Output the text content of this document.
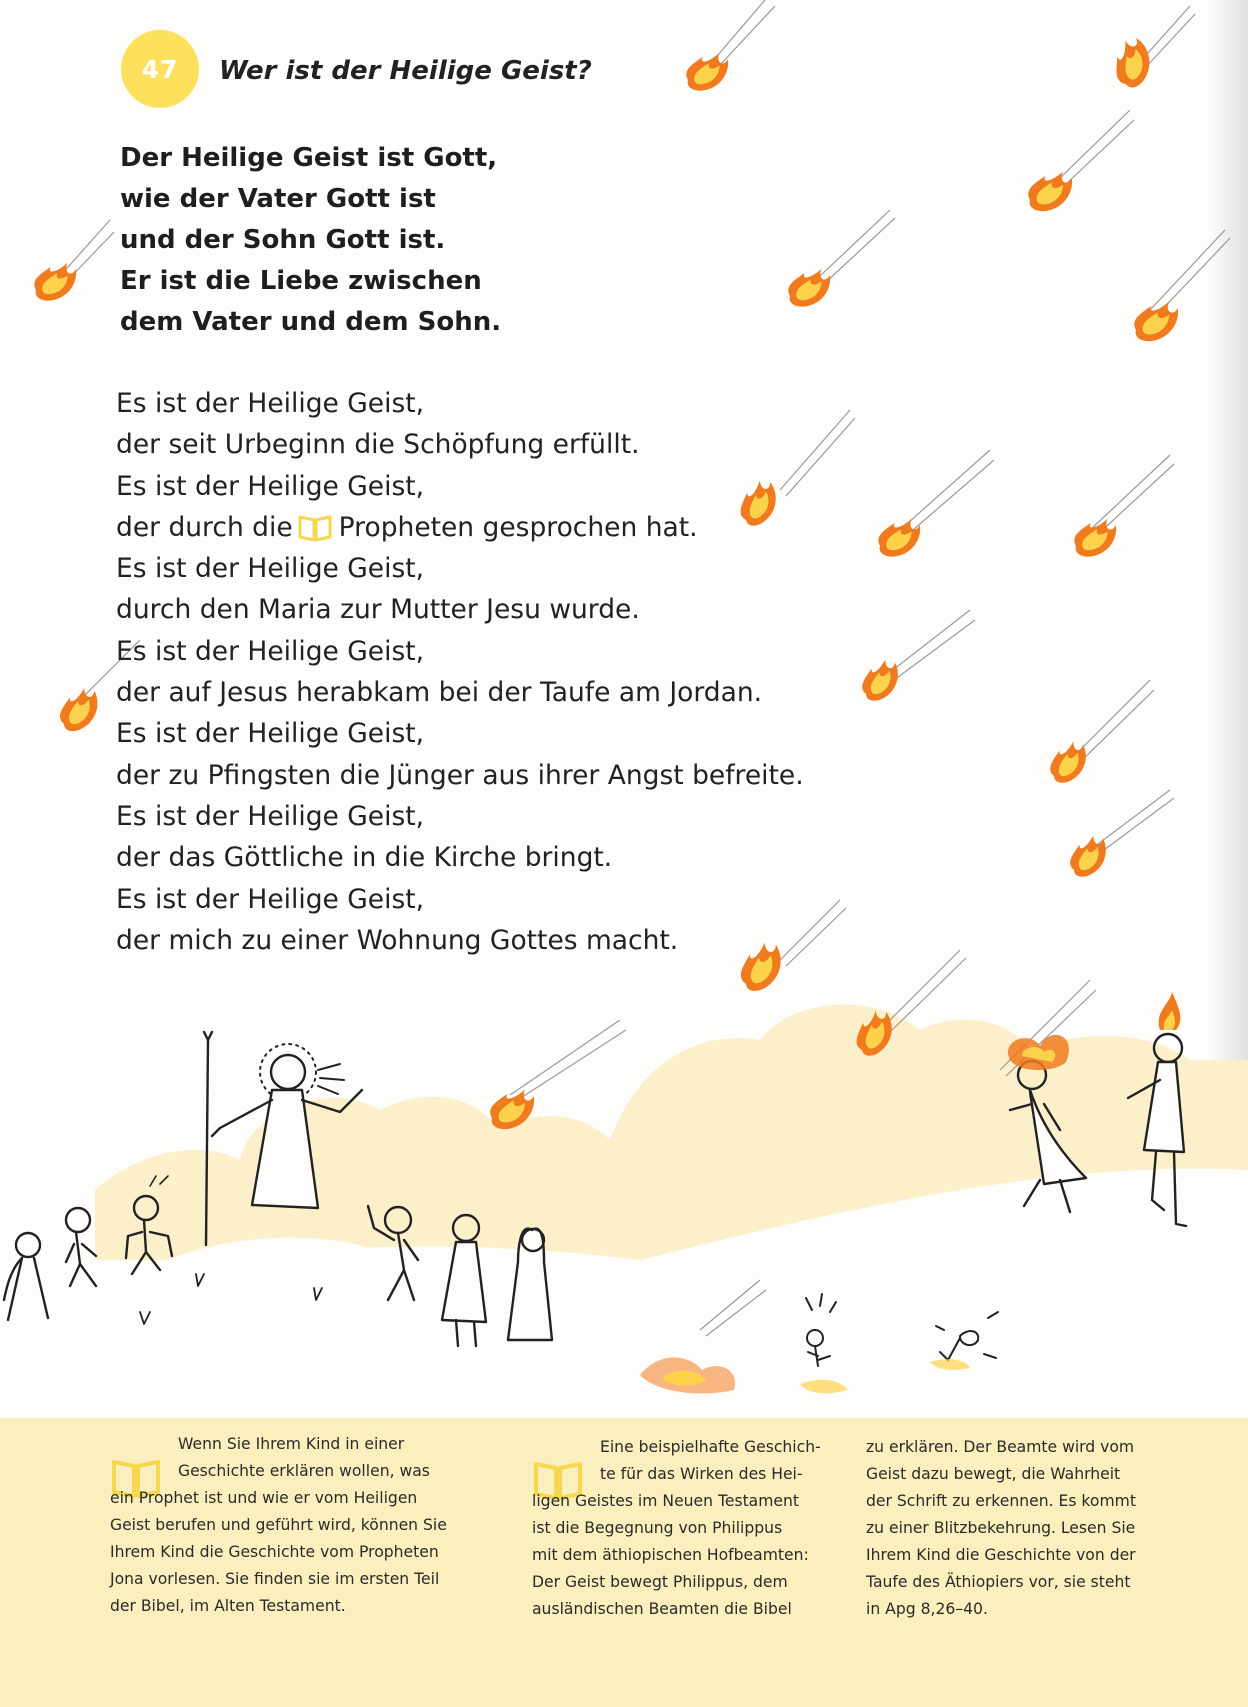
47	Wer ist der Heilige Geist?
Der Heilige Geist ist Gott,
wie der Vater Gott ist
und der Sohn Gott ist.
Er ist die Liebe zwischen
dem Vater und dem Sohn.
Es ist der Heilige Geist,
der seit Urbeginn die Schöpfung erfüllt.
Es ist der Heilige Geist,
der durch die Propheten gesprochen hat.
Es ist der Heilige Geist,
durch den Maria zur Mutter Jesu wurde.
Es ist der Heilige Geist,
der auf Jesus herabkam bei der Taufe am Jordan.
Es ist der Heilige Geist,
der zu Pfingsten die Jünger aus ihrer Angst befreite.
Es ist der Heilige Geist,
der das Göttliche in die Kirche bringt.
Es ist der Heilige Geist,
der mich zu einer Wohnung Gottes macht.
Wenn Sie Ihrem Kind in einer
Geschichte erklären wollen, was
ein Prophet ist und wie er vom Heiligen
Geist berufen und geführt wird, können Sie
Ihrem Kind die Geschichte vom Propheten
Jona vorlesen. Sie finden sie im ersten Teil
der Bibel, im Alten Testament.
Eine beispielhafte Geschich-
te für das Wirken des Hei-
ligen Geistes im Neuen Testament
ist die Begegnung von Philippus
mit dem äthiopischen Hofbeamten:
Der Geist bewegt Philippus, dem
ausländischen Beamten die Bibel
zu erklären. Der Beamte wird vom
Geist dazu bewegt, die Wahrheit
der Schrift zu erkennen. Es kommt
zu einer Blitzbekehrung. Lesen Sie
Ihrem Kind die Geschichte von der
Taufe des Äthiopiers vor, sie steht
in Apg 8,26–40.
